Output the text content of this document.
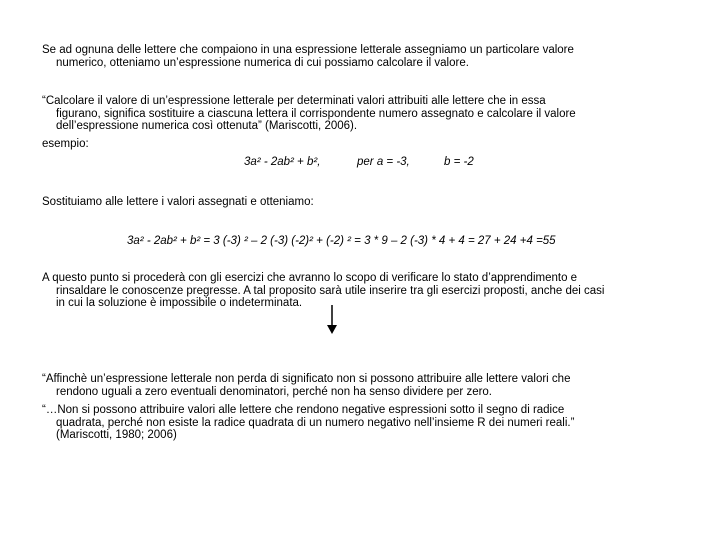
Se ad ognuna delle lettere che compaiono in una espressione letterale assegniamo un particolare valore
numerico, otteniamo un’espressione numerica di cui possiamo calcolare il valore.
“Calcolare il valore di un’espressione letterale per determinati valori attribuiti alle lettere che in essa
figurano, significa sostituire a ciascuna lettera il corrispondente numero assegnato e calcolare il valore
dell’espressione numerica così ottenuta” (Mariscotti, 2006).
esempio:
3a² - 2ab² + b²,	per a = -3,	b = -2
Sostituiamo alle lettere i valori assegnati e otteniamo:
3a² - 2ab² + b² = 3 (-3) ² – 2 (-3) (-2)² + (-2) ² = 3 * 9 – 2 (-3) * 4 + 4 = 27 + 24 +4 =55
A questo punto si procederà con gli esercizi che avranno lo scopo di verificare lo stato d’apprendimento e
rinsaldare le conoscenze pregresse. A tal proposito sarà utile inserire tra gli esercizi proposti, anche dei casi
in cui la soluzione è impossibile o indeterminata.
“Affinchè un’espressione letterale non perda di significato non si possono attribuire alle lettere valori che
rendono uguali a zero eventuali denominatori, perché non ha senso dividere per zero.
“…Non si possono attribuire valori alle lettere che rendono negative espressioni sotto il segno di radice
quadrata, perché non esiste la radice quadrata di un numero negativo nell’insieme R dei numeri reali.”
(Mariscotti, 1980; 2006)
